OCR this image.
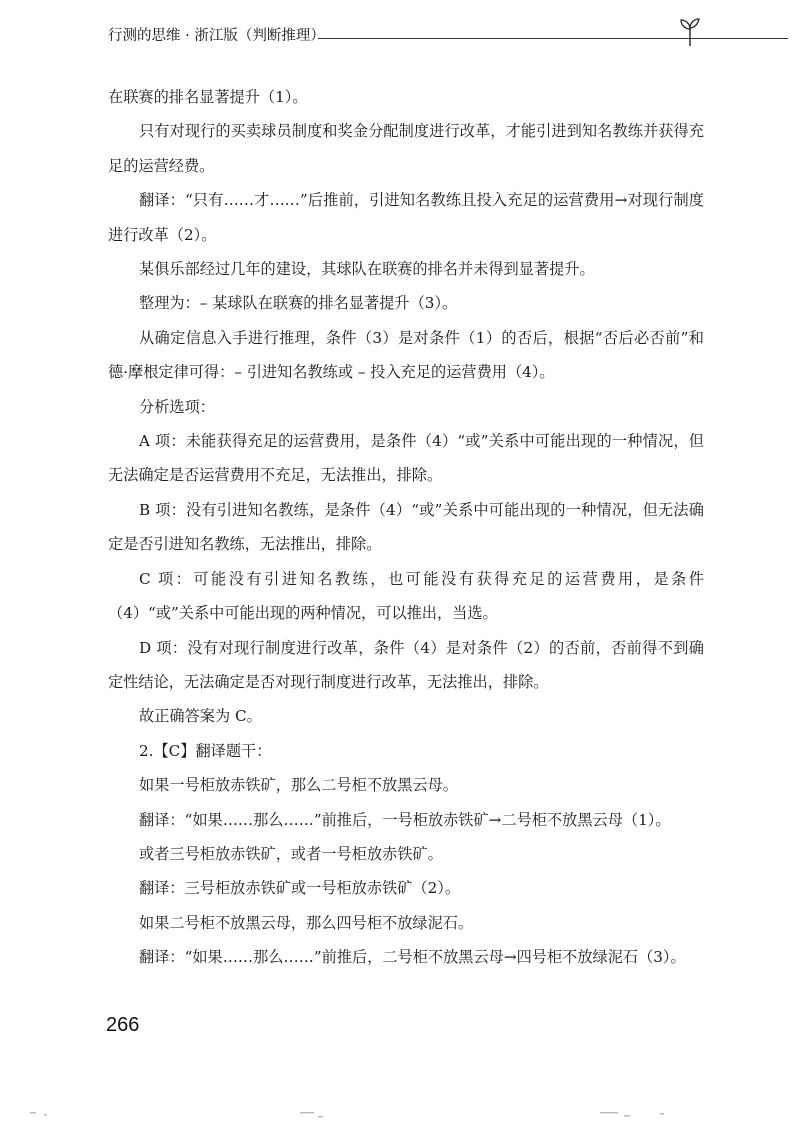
行测的思维 · 浙江版（判断推理）

在联赛的排名显著提升（1）。

只有对现行的买卖球员制度和奖金分配制度进行改革，才能引进到知名教练并获得充足的运营经费。

翻译：“只有……才……”后推前，引进知名教练且投入充足的运营费用→对现行制度进行改革（2）。

某俱乐部经过几年的建设，其球队在联赛的排名并未得到显著提升。

整理为：– 某球队在联赛的排名显著提升（3）。

从确定信息入手进行推理，条件（3）是对条件（1）的否后，根据“否后必否前”和德·摩根定律可得：– 引进知名教练或 – 投入充足的运营费用（4）。

分析选项：

A 项：未能获得充足的运营费用，是条件（4）“或”关系中可能出现的一种情况，但无法确定是否运营费用不充足，无法推出，排除。

B 项：没有引进知名教练，是条件（4）“或”关系中可能出现的一种情况，但无法确定是否引进知名教练，无法推出，排除。

C 项：可能没有引进知名教练，也可能没有获得充足的运营费用，是条件（4）“或”关系中可能出现的两种情况，可以推出，当选。

D 项：没有对现行制度进行改革，条件（4）是对条件（2）的否前，否前得不到确定性结论，无法确定是否对现行制度进行改革，无法推出，排除。

故正确答案为 C。

2.【C】翻译题干：

如果一号柜放赤铁矿，那么二号柜不放黑云母。

翻译：“如果……那么……”前推后，一号柜放赤铁矿→二号柜不放黑云母（1）。

或者三号柜放赤铁矿，或者一号柜放赤铁矿。

翻译：三号柜放赤铁矿或一号柜放赤铁矿（2）。

如果二号柜不放黑云母，那么四号柜不放绿泥石。

翻译：“如果……那么……”前推后，二号柜不放黑云母→四号柜不放绿泥石（3）。

266
